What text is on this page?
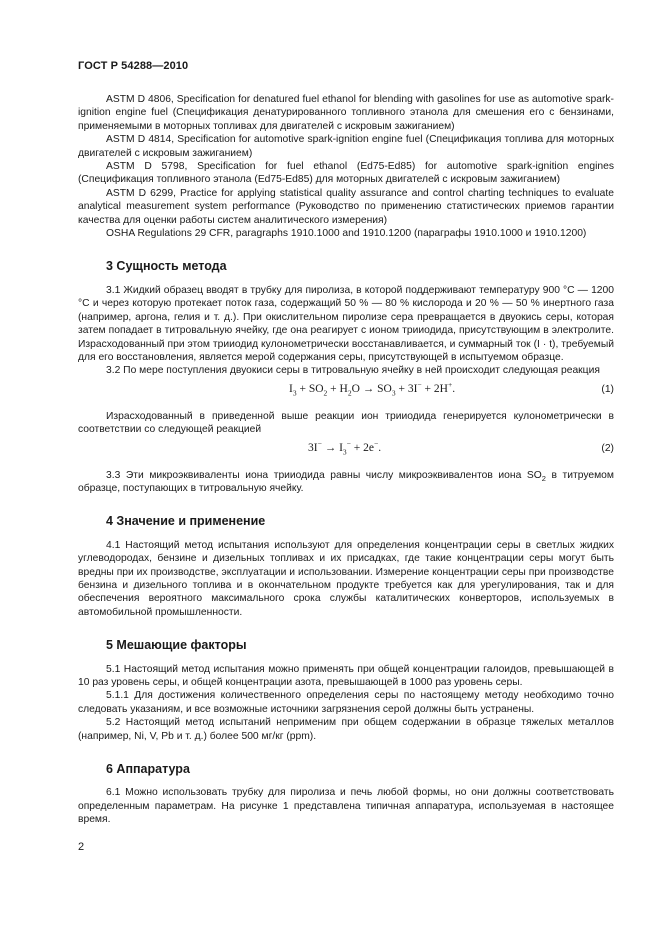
ГОСТ Р 54288—2010

ASTM D 4806, Specification for denatured fuel ethanol for blending with gasolines for use as automotive spark-ignition engine fuel (Спецификация денатурированного топливного этанола для смешения его с бензинами, применяемыми в моторных топливах для двигателей с искровым зажиганием)

ASTM D 4814, Specification for automotive spark-ignition engine fuel (Спецификация топлива для моторных двигателей с искровым зажиганием)

ASTM D 5798, Specification for fuel ethanol (Ed75-Ed85) for automotive spark-ignition engines (Спецификация топливного этанола (Ed75-Ed85) для моторных двигателей с искровым зажиганием)

ASTM D 6299, Practice for applying statistical quality assurance and control charting techniques to evaluate analytical measurement system performance (Руководство по применению статистических приемов гарантии качества для оценки работы систем аналитического измерения)

OSHA Regulations 29 CFR, paragraphs 1910.1000 and 1910.1200 (параграфы 1910.1000 и 1910.1200)

3 Сущность метода

3.1 Жидкий образец вводят в трубку для пиролиза, в которой поддерживают температуру 900 °С — 1200 °С и через которую протекает поток газа, содержащий 50 % — 80 % кислорода и 20 % — 50 % инертного газа (например, аргона, гелия и т. д.). При окислительном пиролизе сера превращается в двуокись серы, которая затем попадает в титровальную ячейку, где она реагирует с ионом трииодида, присутствующим в электролите. Израсходованный при этом трииодид кулонометрически восстанавливается, и суммарный ток (I · t), требуемый для его восстановления, является мерой содержания серы, присутствующей в испытуемом образце.

3.2 По мере поступления двуокиси серы в титровальную ячейку в ней происходит следующая реакция

$I_3 + SO_2 + H_2O \to SO_3 + 3I^- + 2H^+$.	(1)

Израсходованный в приведенной выше реакции ион трииодида генерируется кулонометрически в соответствии со следующей реакцией

$3I^- \to I_3^- + 2e^-$.	(2)

3.3 Эти микроэквиваленты иона трииодида равны числу микроэквивалентов иона $SO_2$ в титруемом образце, поступающих в титровальную ячейку.

4 Значение и применение

4.1 Настоящий метод испытания используют для определения концентрации серы в светлых жидких углеводородах, бензине и дизельных топливах и их присадках, где такие концентрации серы могут быть вредны при их производстве, эксплуатации и использовании. Измерение концентрации серы при производстве бензина и дизельного топлива и в окончательном продукте требуется как для урегулирования, так и для обеспечения вероятного максимального срока службы каталитических конверторов, используемых в автомобильной промышленности.

5 Мешающие факторы

5.1 Настоящий метод испытания можно применять при общей концентрации галоидов, превышающей в 10 раз уровень серы, и общей концентрации азота, превышающей в 1000 раз уровень серы.

5.1.1 Для достижения количественного определения серы по настоящему методу необходимо точно следовать указаниям, и все возможные источники загрязнения серой должны быть устранены.

5.2 Настоящий метод испытаний неприменим при общем содержании в образце тяжелых металлов (например, Ni, V, Pb и т. д.) более 500 мг/кг (ppm).

6 Аппаратура

6.1 Можно использовать трубку для пиролиза и печь любой формы, но они должны соответствовать определенным параметрам. На рисунке 1 представлена типичная аппаратура, используемая в настоящее время.

2
